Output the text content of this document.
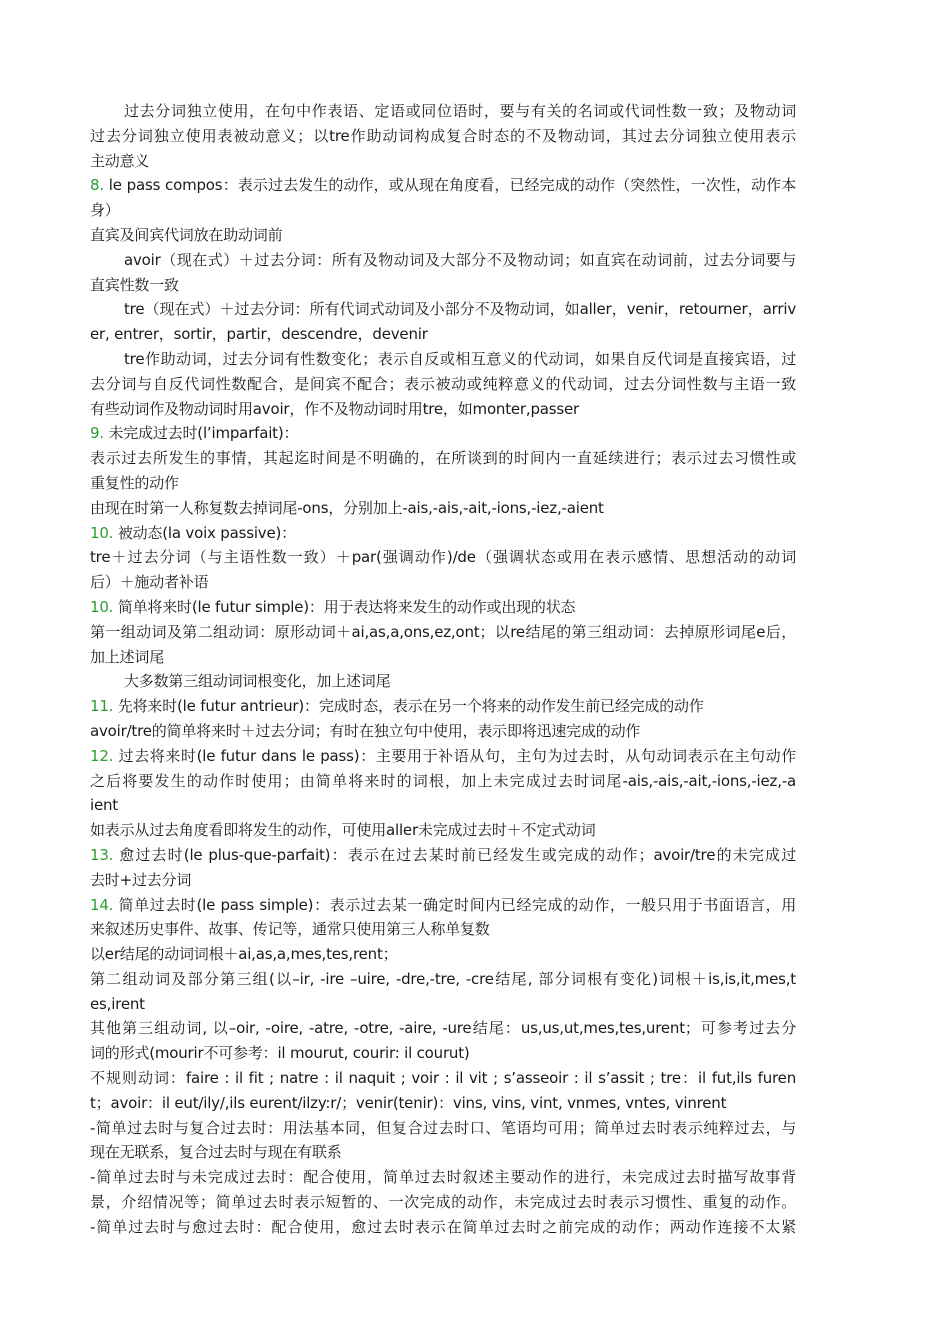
过去分词独立使用，在句中作表语、定语或同位语时，要与有关的名词或代词性数一致；及物动词
过去分词独立使用表被动意义；以tre作助动词构成复合时态的不及物动词，其过去分词独立使用表示
主动意义
8. le pass compos：表示过去发生的动作，或从现在角度看，已经完成的动作（突然性，一次性，动作本
身）
直宾及间宾代词放在助动词前
avoir（现在式）＋过去分词：所有及物动词及大部分不及物动词；如直宾在动词前，过去分词要与
直宾性数一致
tre（现在式）＋过去分词：所有代词式动词及小部分不及物动词，如aller，venir，retourner，arriv
er, entrer，sortir，partir，descendre，devenir
tre作助动词，过去分词有性数变化；表示自反或相互意义的代动词，如果自反代词是直接宾语，过
去分词与自反代词性数配合，是间宾不配合；表示被动或纯粹意义的代动词，过去分词性数与主语一致
有些动词作及物动词时用avoir，作不及物动词时用tre，如monter,passer
9. 未完成过去时(l’imparfait)：
表示过去所发生的事情，其起迄时间是不明确的，在所谈到的时间内一直延续进行；表示过去习惯性或
重复性的动作
由现在时第一人称复数去掉词尾-ons，分别加上-ais,-ais,-ait,-ions,-iez,-aient
10. 被动态(la voix passive)：
tre＋过去分词（与主语性数一致）＋par(强调动作)/de（强调状态或用在表示感情、思想活动的动词
后）＋施动者补语
10. 简单将来时(le futur simple)：用于表达将来发生的动作或出现的状态
第一组动词及第二组动词：原形动词＋ai,as,a,ons,ez,ont；以re结尾的第三组动词：去掉原形词尾e后，
加上述词尾
大多数第三组动词词根变化，加上述词尾
11. 先将来时(le futur antrieur)：完成时态，表示在另一个将来的动作发生前已经完成的动作
avoir/tre的简单将来时＋过去分词；有时在独立句中使用，表示即将迅速完成的动作
12. 过去将来时(le futur dans le pass)：主要用于补语从句，主句为过去时，从句动词表示在主句动作
之后将要发生的动作时使用；由简单将来时的词根，加上未完成过去时词尾-ais,-ais,-ait,-ions,-iez,-a
ient
如表示从过去角度看即将发生的动作，可使用aller未完成过去时＋不定式动词
13. 愈过去时(le plus-que-parfait)：表示在过去某时前已经发生或完成的动作；avoir/tre的未完成过
去时+过去分词
14. 简单过去时(le pass simple)：表示过去某一确定时间内已经完成的动作，一般只用于书面语言，用
来叙述历史事件、故事、传记等，通常只使用第三人称单复数
以er结尾的动词词根＋ai,as,a,mes,tes,rent；
第二组动词及部分第三组(以–ir, -ire –uire, -dre,-tre, -cre结尾, 部分词根有变化)词根＋is,is,it,mes,t
es,irent
其他第三组动词, 以–oir, -oire, -atre, -otre, -aire, -ure结尾：us,us,ut,mes,tes,urent；可参考过去分
词的形式(mourir不可参考：il mourut, courir: il courut)
不规则动词：faire : il fit ; natre : il naquit ; voir : il vit ; s’asseoir : il s’assit ; tre：il fut,ils furen
t；avoir：il eut/ily/,ils eurent/ilzy:r/；venir(tenir)：vins, vins, vint, vnmes, vntes, vinrent
-简单过去时与复合过去时：用法基本同，但复合过去时口、笔语均可用；简单过去时表示纯粹过去，与
现在无联系，复合过去时与现在有联系
-简单过去时与未完成过去时：配合使用，简单过去时叙述主要动作的进行，未完成过去时描写故事背
景，介绍情况等；简单过去时表示短暂的、一次完成的动作，未完成过去时表示习惯性、重复的动作。
-简单过去时与愈过去时：配合使用，愈过去时表示在简单过去时之前完成的动作；两动作连接不太紧
